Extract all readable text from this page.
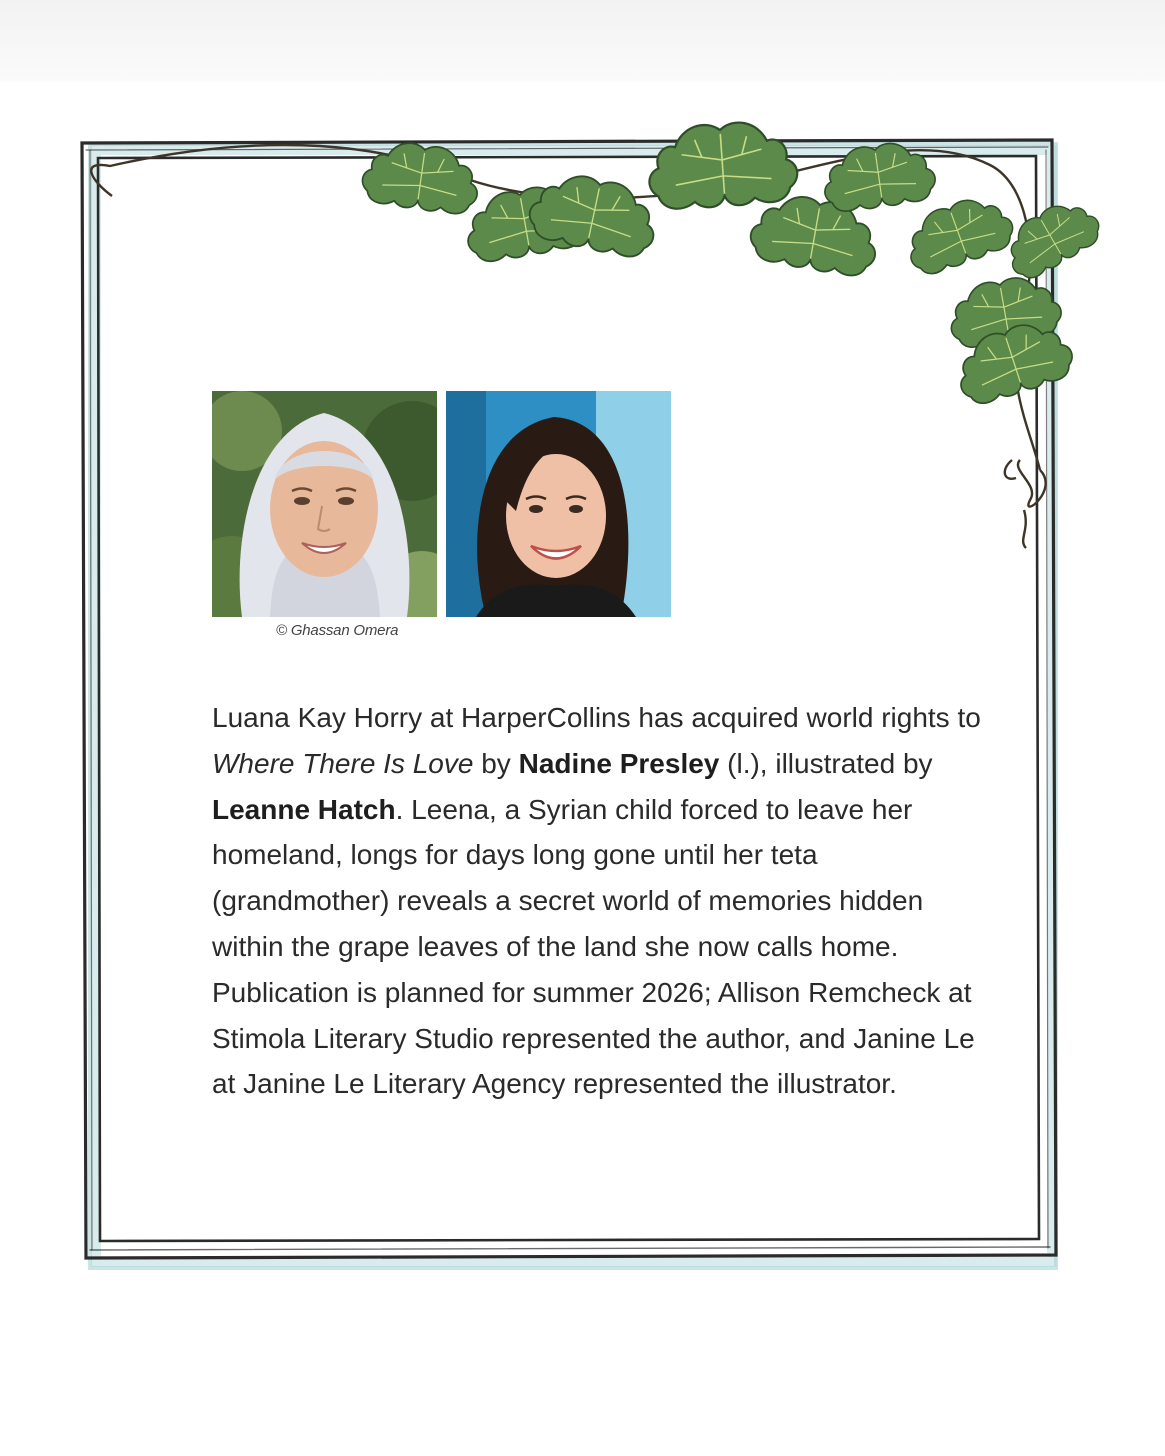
© Ghassan Omera

Luana Kay Horry at HarperCollins has acquired world rights to Where There Is Love by Nadine Presley (l.), illustrated by Leanne Hatch. Leena, a Syrian child forced to leave her homeland, longs for days long gone until her teta (grandmother) reveals a secret world of memories hidden within the grape leaves of the land she now calls home. Publication is planned for summer 2026; Allison Remcheck at Stimola Literary Studio represented the author, and Janine Le at Janine Le Literary Agency represented the illustrator.
